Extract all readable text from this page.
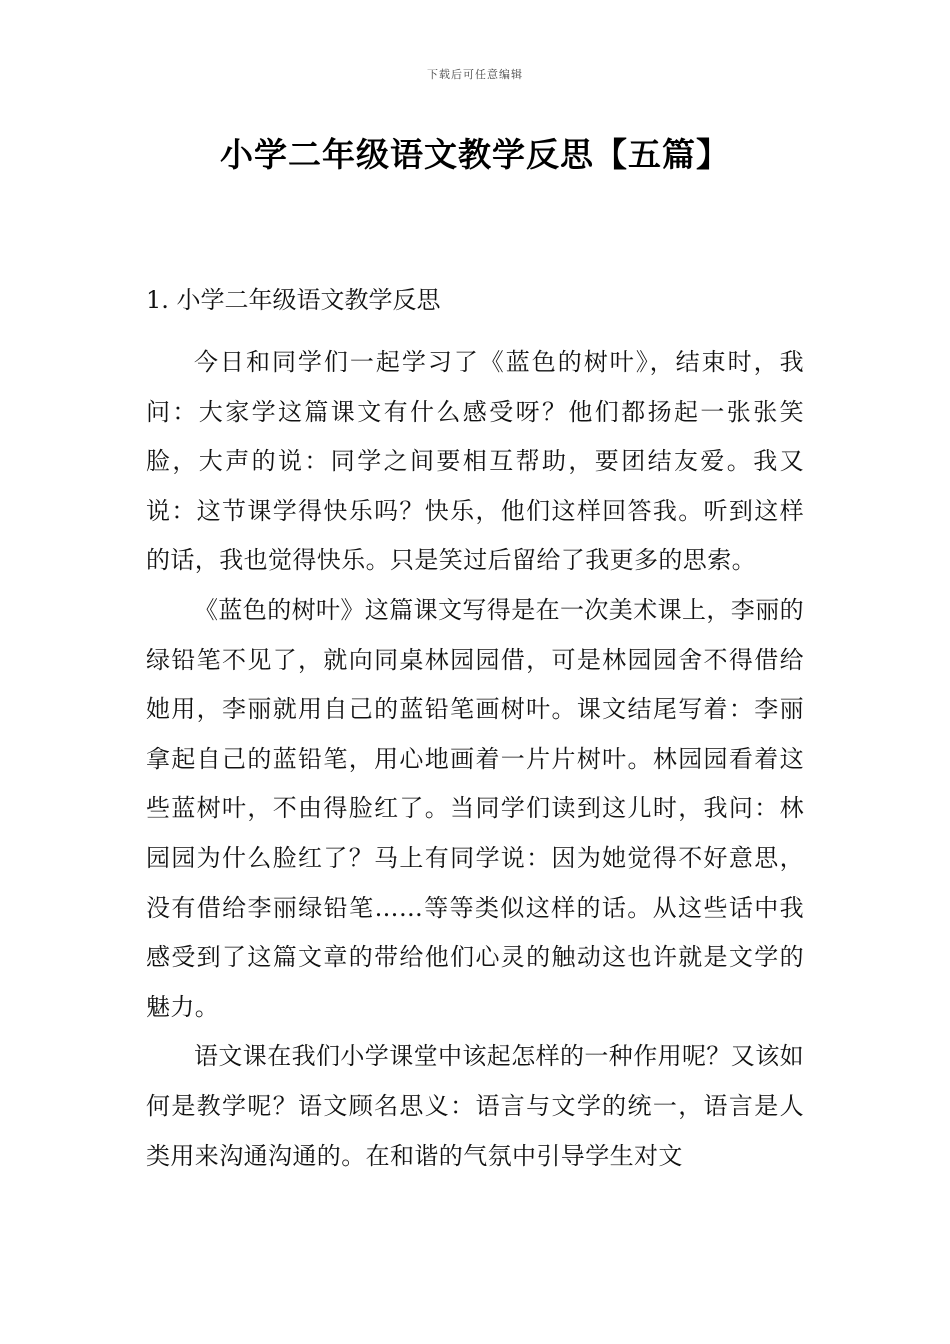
下载后可任意编辑
小学二年级语文教学反思【五篇】
1. 小学二年级语文教学反思

今日和同学们一起学习了《蓝色的树叶》，结束时，我问：大家学这篇课文有什么感受呀？他们都扬起一张张笑脸，大声的说：同学之间要相互帮助，要团结友爱。我又说：这节课学得快乐吗？快乐，他们这样回答我。听到这样的话，我也觉得快乐。只是笑过后留给了我更多的思索。

《蓝色的树叶》这篇课文写得是在一次美术课上，李丽的绿铅笔不见了，就向同桌林园园借，可是林园园舍不得借给她用，李丽就用自己的蓝铅笔画树叶。课文结尾写着：李丽拿起自己的蓝铅笔，用心地画着一片片树叶。林园园看着这些蓝树叶，不由得脸红了。当同学们读到这儿时，我问：林园园为什么脸红了？马上有同学说：因为她觉得不好意思，没有借给李丽绿铅笔……等等类似这样的话。从这些话中我感受到了这篇文章的带给他们心灵的触动这也许就是文学的魅力。

语文课在我们小学课堂中该起怎样的一种作用呢？又该如何是教学呢？语文顾名思义：语言与文学的统一，语言是人类用来沟通沟通的。在和谐的气氛中引导学生对文
